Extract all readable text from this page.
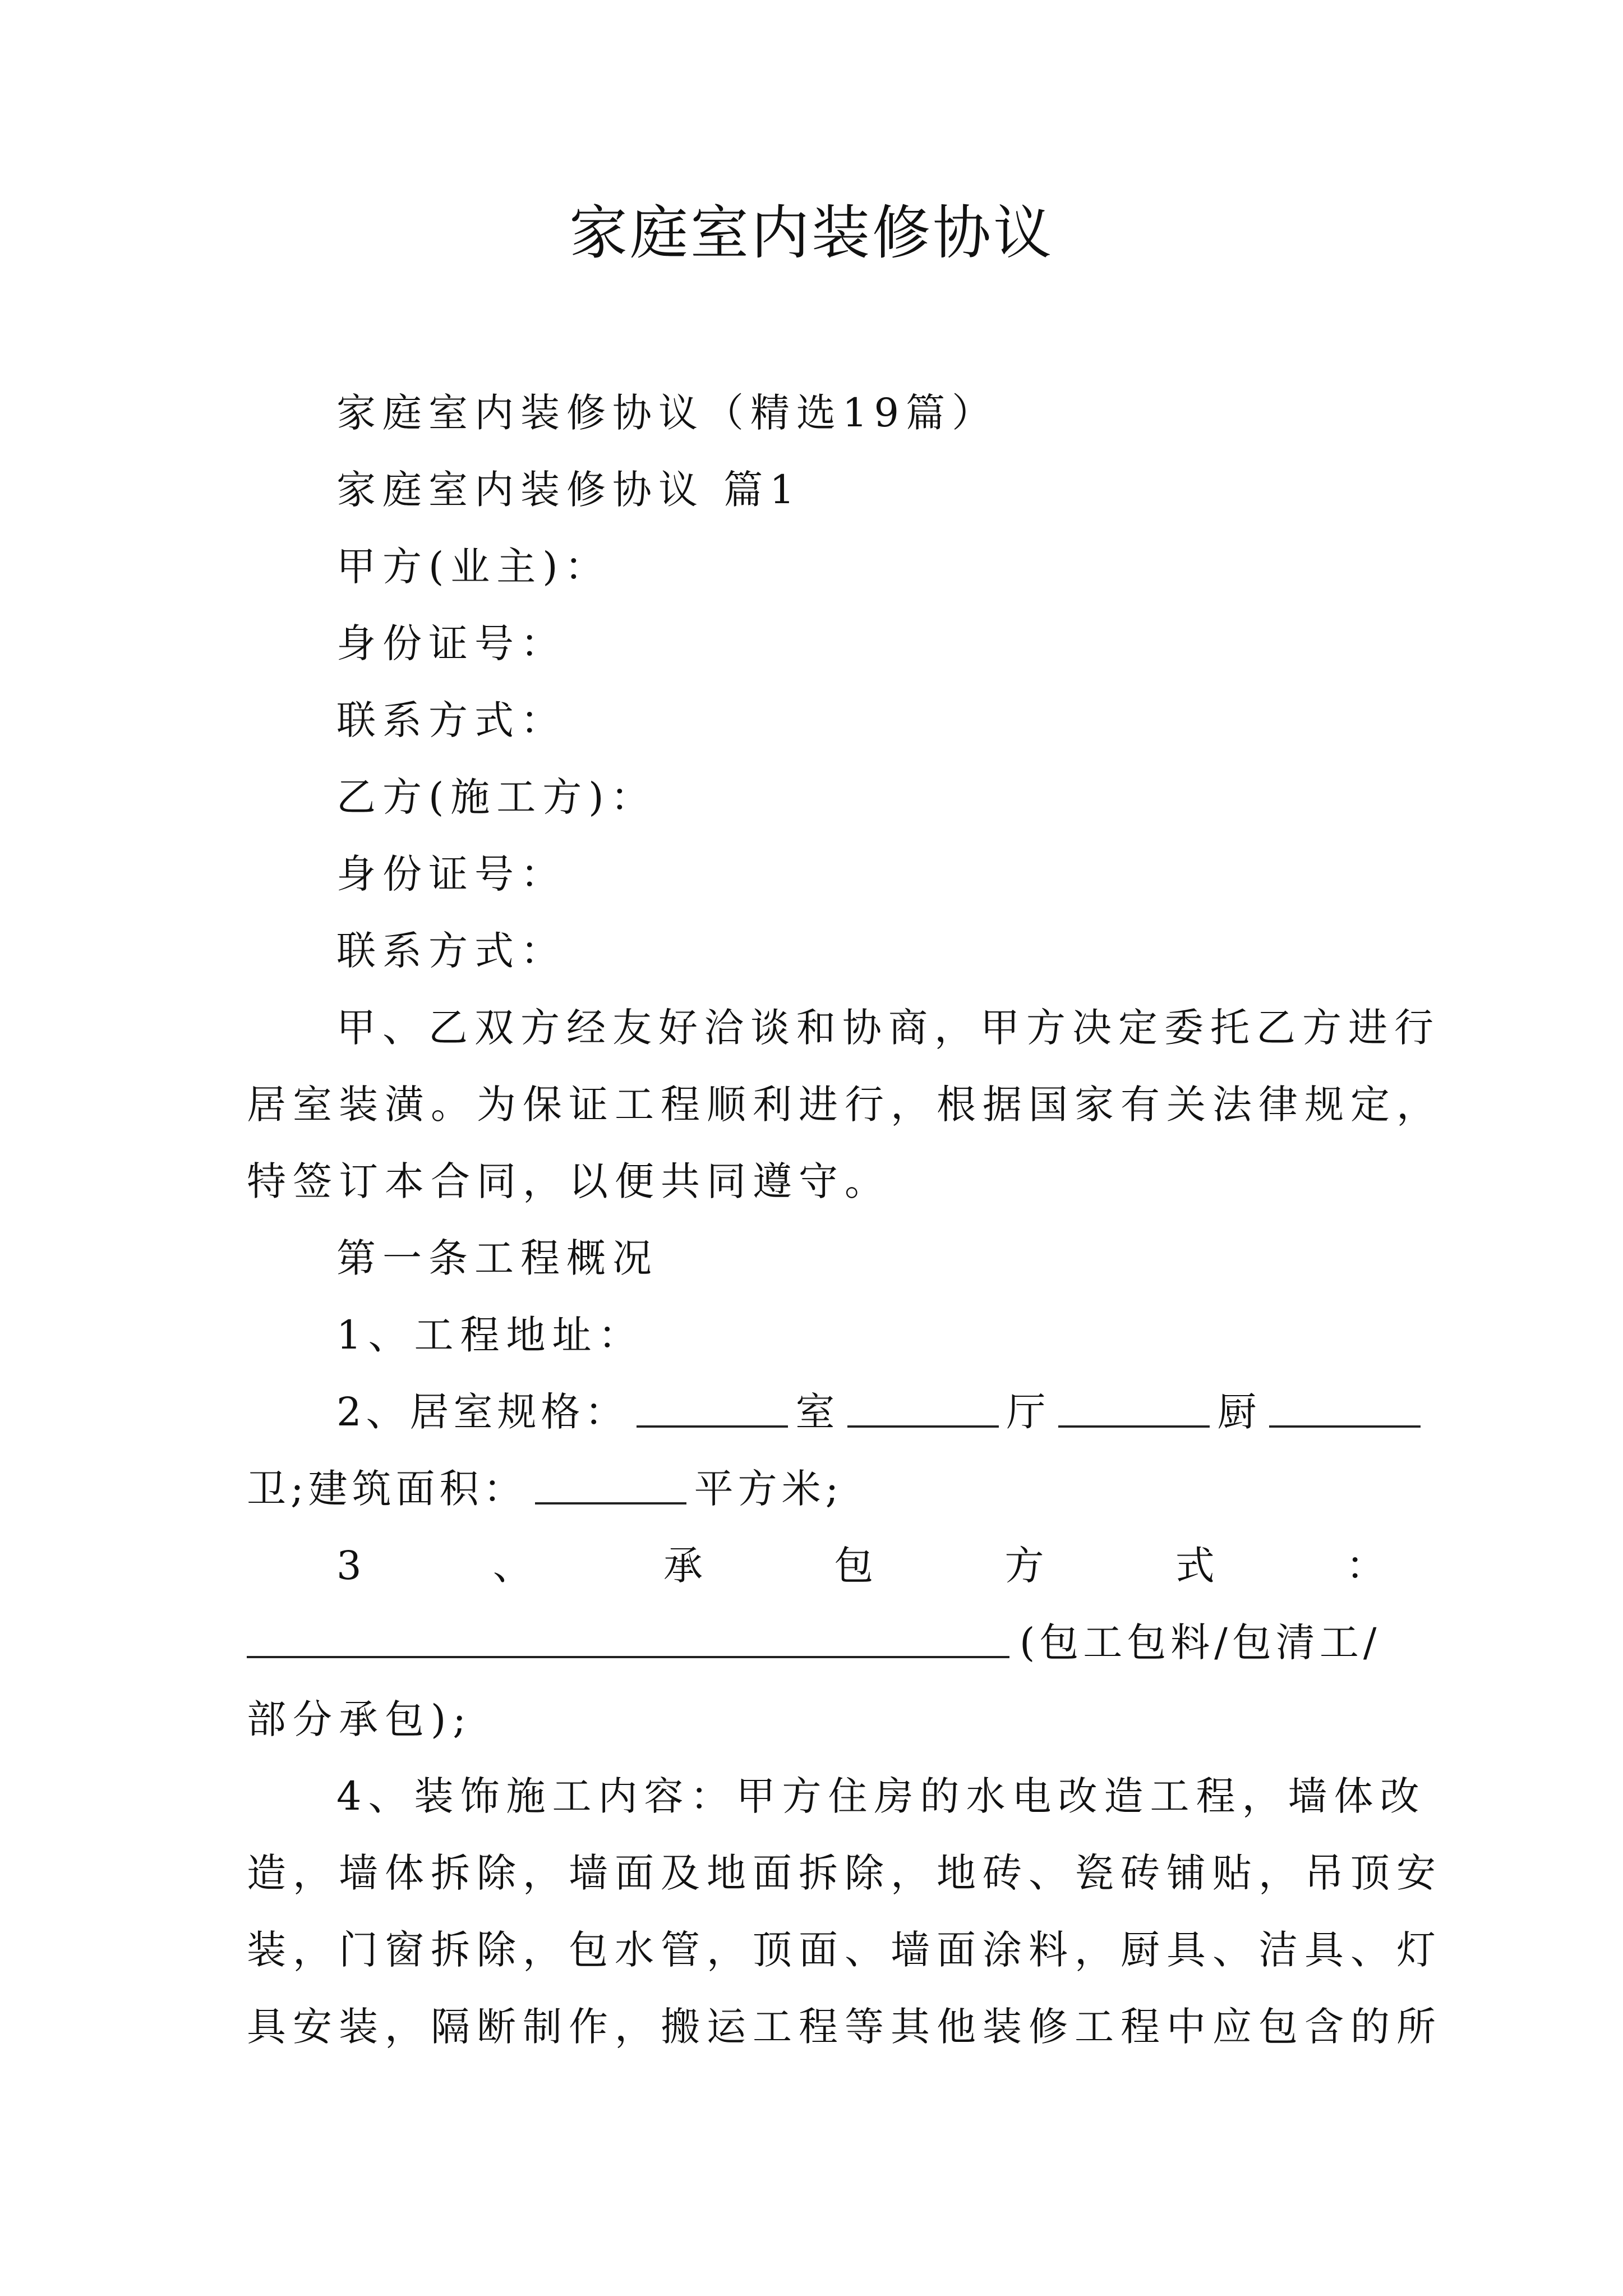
家庭室内装修协议
家庭室内装修协议（精选19篇）
家庭室内装修协议 篇1
甲方(业主)：
身份证号：
联系方式：
乙方(施工方)：
身份证号：
联系方式：
甲、乙双方经友好洽谈和协商，甲方决定委托乙方进行
居室装潢。为保证工程顺利进行，根据国家有关法律规定，
特签订本合同，以便共同遵守。
第一条工程概况
1、工程地址：
2、居室规格：	室	厅	厨
卫;建筑面积：	平方米;
3	、	承	包	方	式	：
(包工包料/包清工/
部分承包);
4、装饰施工内容：甲方住房的水电改造工程，墙体改
造，墙体拆除，墙面及地面拆除，地砖、瓷砖铺贴，吊顶安
装，门窗拆除，包水管，顶面、墙面涂料，厨具、洁具、灯
具安装，隔断制作，搬运工程等其他装修工程中应包含的所
